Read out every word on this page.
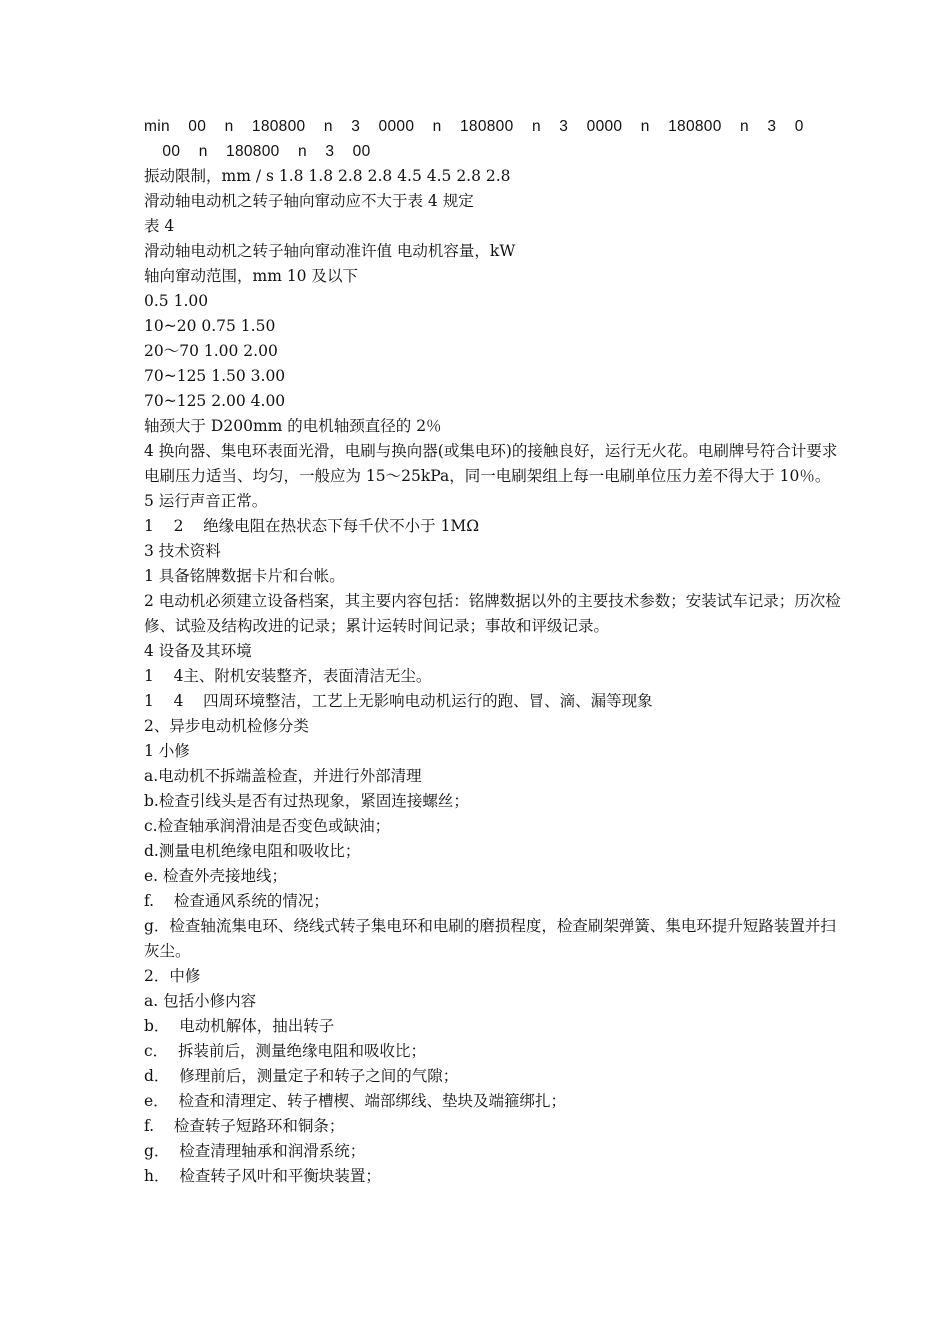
min    00    n    180800    n    3    0000    n    180800    n    3    0000    n    180800    n    3    0
00    n    180800    n    3    00
振动限制，mm / s 1.8 1.8 2.8 2.8 4.5 4.5 2.8 2.8
滑动轴电动机之转子轴向窜动应不大于表 4 规定
表 4
滑动轴电动机之转子轴向窜动准许值 电动机容量，kW
轴向窜动范围，mm 10 及以下
0.5 1.00
10~20 0.75 1.50
20～70 1.00 2.00
70~125 1.50 3.00
70~125 2.00 4.00
轴颈大于 D200mm 的电机轴颈直径的 2％
4 换向器、集电环表面光滑，电刷与换向器(或集电环)的接触良好，运行无火花。电刷牌号符合计要求电刷压力适当、均匀，一般应为 15～25kPa，同一电刷架组上每一电刷单位压力差不得大于 10％。
5 运行声音正常。
1    2    绝缘电阻在热状态下每千伏不小于 1MΩ
3 技术资料
1 具备铭牌数据卡片和台帐。
2 电动机必须建立设备档案，其主要内容包括：铭牌数据以外的主要技术参数；安装试车记录；历次检修、试验及结构改进的记录；累计运转时间记录；事故和评级记录。
4 设备及其环境
1    4主、附机安装整齐，表面清洁无尘。
1    4    四周环境整洁，工艺上无影响电动机运行的跑、冒、滴、漏等现象
2、异步电动机检修分类
1 小修
a.电动机不拆端盖检查，并进行外部清理
b.检查引线头是否有过热现象，紧固连接螺丝；
c.检查轴承润滑油是否变色或缺油；
d.测量电机绝缘电阻和吸收比；
e. 检查外壳接地线；
f.    检查通风系统的情况；
g．检查轴流集电环、绕线式转子集电环和电刷的磨损程度，检查刷架弹簧、集电环提升短路装置并扫灰尘。
2．中修
a. 包括小修内容
b．  电动机解体，抽出转子
c．  拆装前后，测量绝缘电阻和吸收比；
d．  修理前后，测量定子和转子之间的气隙；
e．  检查和清理定、转子槽楔、端部绑线、垫块及端箍绑扎；
f.    检查转子短路环和铜条；
g．  检查清理轴承和润滑系统；
h．  检查转子风叶和平衡块装置；
